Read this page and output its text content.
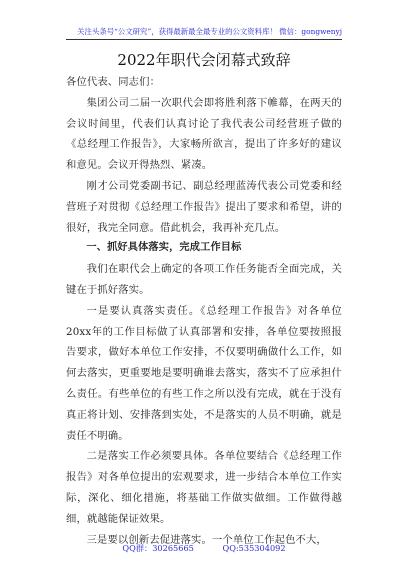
关注头条号“公文研究”，获得最新最全最专业的公文资料库！ 微信：gongwenyj
2022年职代会闭幕式致辞

各位代表、同志们：

集团公司二届一次职代会即将胜利落下帷幕，在两天的会议时间里，代表们认真讨论了我代表公司经营班子做的《总经理工作报告》，大家畅所欲言，提出了许多好的建议和意见。会议开得热烈、紧凑。

刚才公司党委副书记、副总经理蓝涛代表公司党委和经营班子对贯彻《总经理工作报告》提出了要求和希望，讲的很好，我完全同意。借此机会，我再补充几点。

一、抓好具体落实，完成工作目标

我们在职代会上确定的各项工作任务能否全面完成，关键在于抓好落实。

一是要认真落实责任。《总经理工作报告》对各单位20xx年的工作目标做了认真部署和安排，各单位要按照报告要求，做好本单位工作安排，不仅要明确做什么工作，如何去落实，更重要地是要明确谁去落实，落实不了应承担什么责任。有些单位的有些工作之所以没有完成，就在于没有真正将计划、安排落到实处，不是落实的人员不明确，就是责任不明确。

二是落实工作必须要具体。各单位要结合《总经理工作报告》对各单位提出的宏观要求，进一步结合本单位工作实际，深化、细化措施，将基础工作做实做细。工作做得越细，就越能保证效果。

三是要以创新去促进落实。一个单位工作起色不大，

QQ群：30265665	QQ:535304092
